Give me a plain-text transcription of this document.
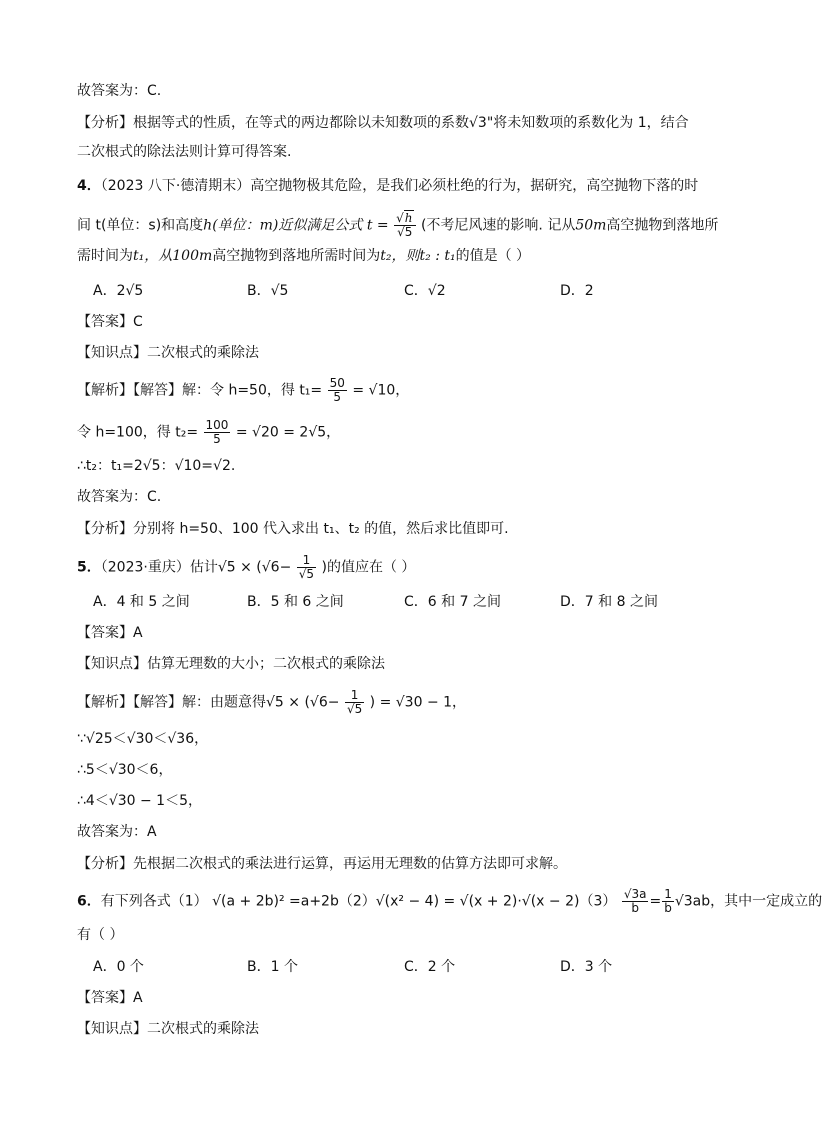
故答案为：C.
【分析】根据等式的性质，在等式的两边都除以未知数项的系数√3"将未知数项的系数化为 1，结合
二次根式的除法法则计算可得答案.
4．（2023 八下·德清期末）高空抛物极其危险，是我们必须杜绝的行为，据研究，高空抛物下落的时
间 t(单位：s)和高度h(单位：m)近似满足公式 $t = \frac{√h}{√5}$ (不考尼风速的影响. 记从50m高空抛物到落地所
需时间为t₁，从100m高空抛物到落地所需时间为t₂，则t₂ : t₁的值是（ ）
A．2√5	B．√5	C．√2	D．2
【答案】C
【知识点】二次根式的乘除法
【解析】【解答】解：令 h=50，得 $t_1= \frac{50}{5} = √10$，
令 h=100，得 $t_2= \frac{100}{5} = √20 = 2√5$，
∴t₂：t₁=2√5：√10=√2.
故答案为：C.
【分析】分别将 h=50、100 代入求出 t₁、t₂ 的值，然后求比值即可.
5．（2023·重庆）估计$√5 \times (√6- \frac{1}{√5}$ )的值应在（ ）
A．4 和 5 之间	B．5 和 6 之间	C．6 和 7 之间	D．7 和 8 之间
【答案】A
【知识点】估算无理数的大小；二次根式的乘除法
【解析】【解答】解：由题意得$√5 \times (√6- \frac{1}{√5}$ ) = √30 − 1，
∵√25＜√30＜√36，
∴5＜√30＜6，
∴4＜√30 − 1＜5，
故答案为：A
【分析】先根据二次根式的乘法进行运算，再运用无理数的估算方法即可求解。
6．有下列各式（1） $√(a + 2b)^2 =a+2b(2)√(x^2 - 4) = √(x + 2)\cdot√(x - 2)(3) \frac{√3a}{b} = \frac{1}{b} √3ab$，其中一定成立的
有（ ）
A．0 个	B．1 个	C．2 个	D．3 个
【答案】A
【知识点】二次根式的乘除法
